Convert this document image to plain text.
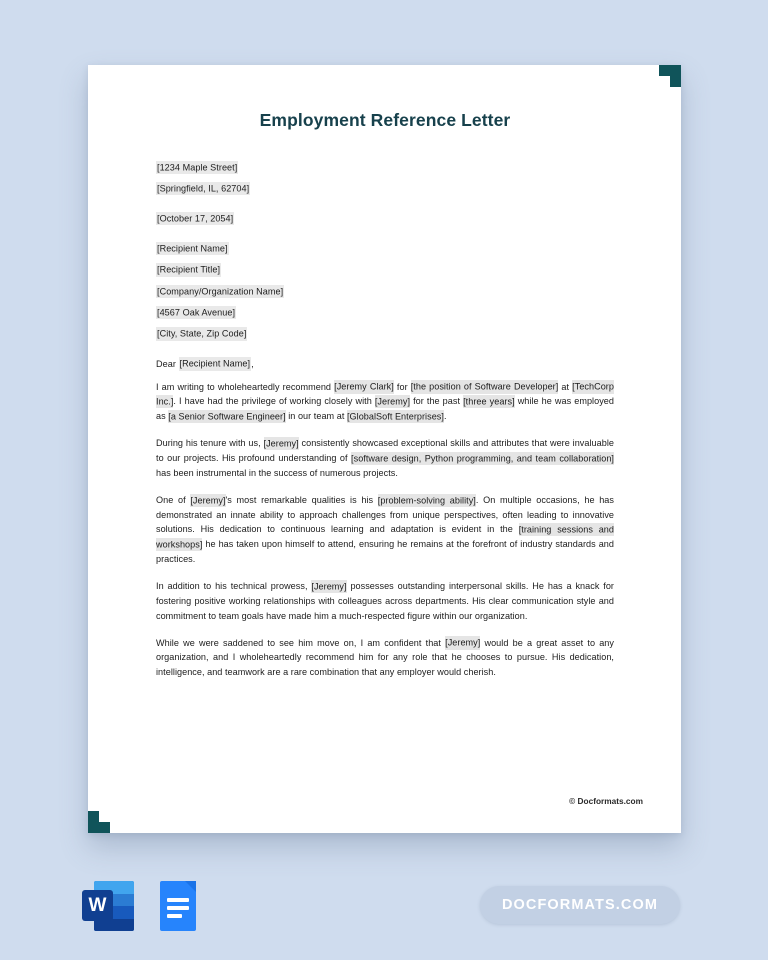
Employment Reference Letter
[1234 Maple Street]
[Springfield, IL, 62704]
[October 17, 2054]
[Recipient Name]
[Recipient Title]
[Company/Organization Name]
[4567 Oak Avenue]
[City, State, Zip Code]
Dear [Recipient Name],

I am writing to wholeheartedly recommend [Jeremy Clark] for [the position of Software Developer] at [TechCorp Inc.]. I have had the privilege of working closely with [Jeremy] for the past [three years] while he was employed as [a Senior Software Engineer] in our team at [GlobalSoft Enterprises].

During his tenure with us, [Jeremy] consistently showcased exceptional skills and attributes that were invaluable to our projects. His profound understanding of [software design, Python programming, and team collaboration] has been instrumental in the success of numerous projects.

One of [Jeremy]'s most remarkable qualities is his [problem-solving ability]. On multiple occasions, he has demonstrated an innate ability to approach challenges from unique perspectives, often leading to innovative solutions. His dedication to continuous learning and adaptation is evident in the [training sessions and workshops] he has taken upon himself to attend, ensuring he remains at the forefront of industry standards and practices.

In addition to his technical prowess, [Jeremy] possesses outstanding interpersonal skills. He has a knack for fostering positive working relationships with colleagues across departments. His clear communication style and commitment to team goals have made him a much-respected figure within our organization.

While we were saddened to see him move on, I am confident that [Jeremy] would be a great asset to any organization, and I wholeheartedly recommend him for any role that he chooses to pursue. His dedication, intelligence, and teamwork are a rare combination that any employer would cherish.

© Docformats.com
W	DOCFORMATS.COM
